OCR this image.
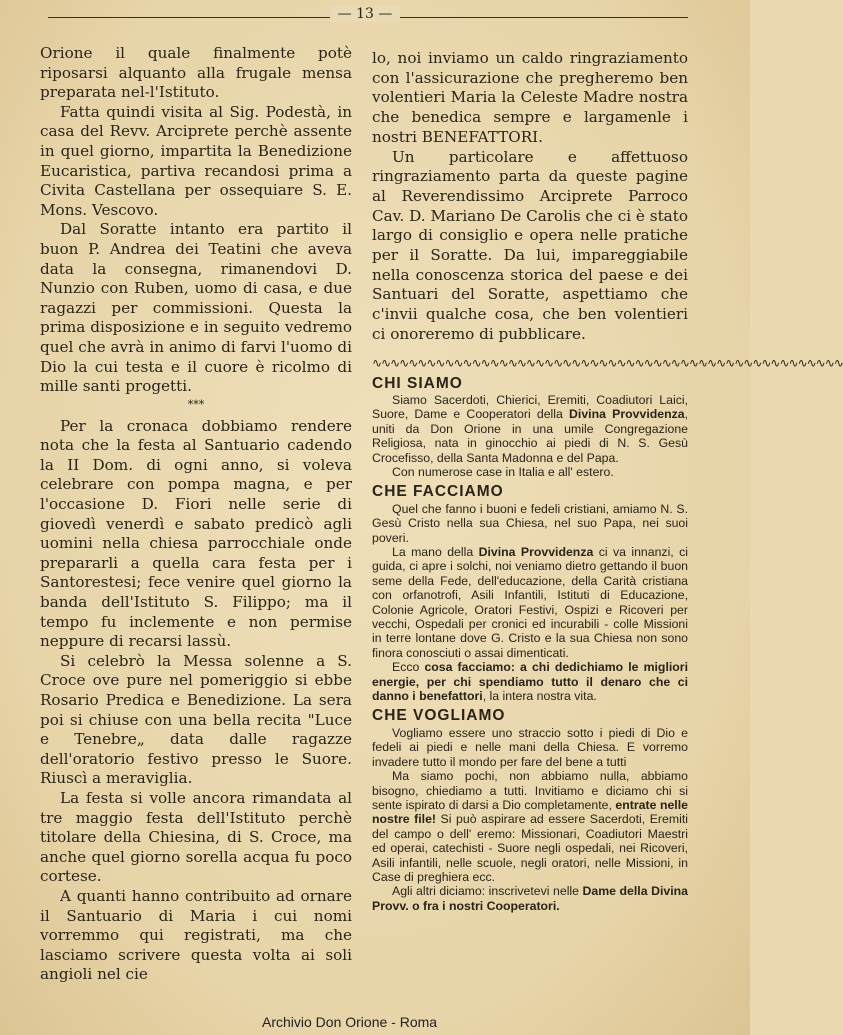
— 13 —

Orione il quale finalmente potè riposarsi alquanto alla frugale mensa preparata nel-l'Istituto.

Fatta quindi visita al Sig. Podestà, in casa del Revv. Arciprete perchè assente in quel giorno, impartita la Benedizione Eucaristica, partiva recandosi prima a Civita Castellana per ossequiare S. E. Mons. Vescovo.

Dal Soratte intanto era partito il buon P. Andrea dei Teatini che aveva data la consegna, rimanendovi D. Nunzio con Ruben, uomo di casa, e due ragazzi per commissioni. Questa la prima disposizione e in seguito vedremo quel che avrà in animo di farvi l'uomo di Dio la cui testa e il cuore è ricolmo di mille santi progetti.

***

Per la cronaca dobbiamo rendere nota che la festa al Santuario cadendo la II Dom. di ogni anno, si voleva celebrare con pompa magna, e per l'occasione D. Fiori nelle serie di giovedì venerdì e sabato predicò agli uomini nella chiesa parrocchiale onde prepararli a quella cara festa per i Santorestesi; fece venire quel giorno la banda dell'Istituto S. Filippo; ma il tempo fu inclemente e non permise neppure di recarsi lassù.

Si celebrò la Messa solenne a S. Croce ove pure nel pomeriggio si ebbe Rosario Predica e Benedizione. La sera poi si chiuse con una bella recita "Luce e Tenebre„ data dalle ragazze dell'oratorio festivo presso le Suore. Riuscì a meraviglia.

La festa si volle ancora rimandata al tre maggio festa dell'Istituto perchè titolare della Chiesina, di S. Croce, ma anche quel giorno sorella acqua fu poco cortese.

A quanti hanno contribuito ad ornare il Santuario di Maria i cui nomi vorremmo qui registrati, ma che lasciamo scrivere questa volta ai soli angioli nel cie

lo, noi inviamo un caldo ringraziamento con l'assicurazione che pregheremo ben volentieri Maria la Celeste Madre nostra che benedica sempre e largamenle i nostri BENEFATTORI.

Un particolare e affettuoso ringraziamento parta da queste pagine al Reverendissimo Arciprete Parroco Cav. D. Mariano De Carolis che ci è stato largo di consiglio e opera nelle pratiche per il Soratte. Da lui, impareggiabile nella conoscenza storica del paese e dei Santuari del Soratte, aspettiamo che c'invii qualche cosa, che ben volentieri ci onoreremo di pubblicare.

∿∿∿∿∿∿∿∿∿∿∿∿∿∿∿∿∿∿∿∿∿∿∿∿∿∿∿∿∿∿∿∿∿∿∿∿∿∿∿∿∿∿∿∿∿∿∿∿∿∿∿∿
CHI SIAMO

Siamo Sacerdoti, Chierici, Eremiti, Coadiutori Laici, Suore, Dame e Cooperatori della Divina Provvidenza, uniti da Don Orione in una umile Congregazione Religiosa, nata in ginocchio ai piedi di N. S. Gesù Crocefisso, della Santa Madonna e del Papa.

Con numerose case in Italia e all' estero.

CHE FACCIAMO

Quel che fanno i buoni e fedeli cristiani, amiamo N. S. Gesù Cristo nella sua Chiesa, nel suo Papa, nei suoi poveri.

La mano della Divina Provvidenza ci va innanzi, ci guida, ci apre i solchi, noi veniamo dietro gettando il buon seme della Fede, dell'educazione, della Carità cristiana con orfanotrofi, Asili Infantili, Istituti di Educazione, Colonie Agricole, Oratori Festivi, Ospizi e Ricoveri per vecchi, Ospedali per cronici ed incurabili - colle Missioni in terre lontane dove G. Cristo e la sua Chiesa non sono finora conosciuti o assai dimenticati.

Ecco cosa facciamo: a chi dedichiamo le migliori energie, per chi spendiamo tutto il denaro che ci danno i benefattori, la intera nostra vita.

CHE VOGLIAMO

Vogliamo essere uno straccio sotto i piedi di Dio e fedeli ai piedi e nelle mani della Chiesa. E vorremo invadere tutto il mondo per fare del bene a tutti

Ma siamo pochi, non abbiamo nulla, abbiamo bisogno, chiediamo a tutti. Invitiamo e diciamo chi si sente ispirato di darsi a Dio completamente, entrate nelle nostre file! Si può aspirare ad essere Sacerdoti, Eremiti del campo o dell' eremo: Missionari, Coadiutori Maestri ed operai, catechisti - Suore negli ospedali, nei Ricoveri, Asili infantili, nelle scuole, negli oratori, nelle Missioni, in Case di preghiera ecc.

Agli altri diciamo: inscrivetevi nelle Dame della Divina Provv. o fra i nostri Cooperatori.

Archivio Don Orione - Roma
